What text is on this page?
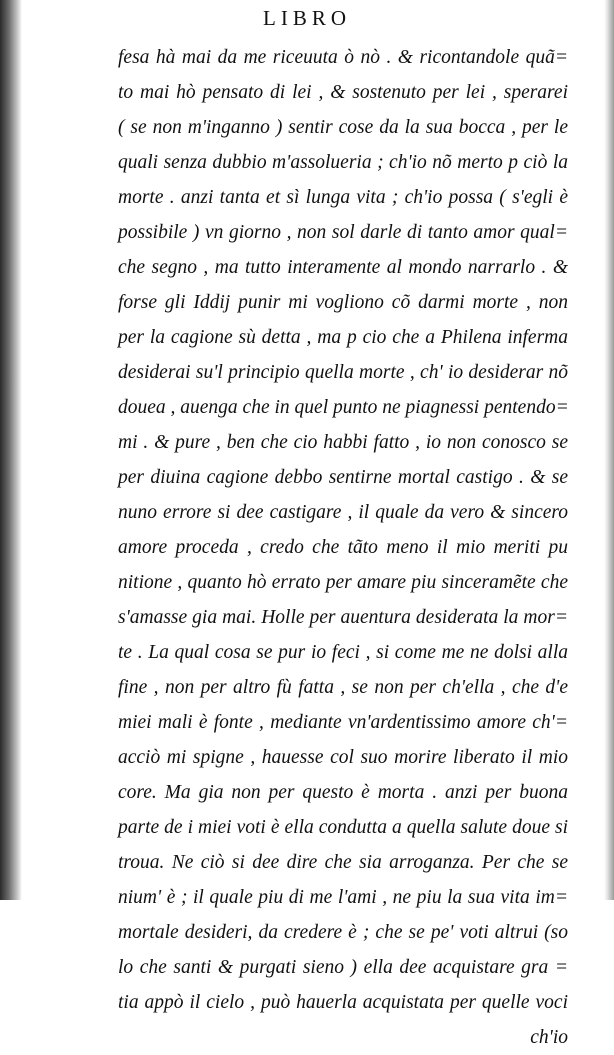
LIBRO
fesa hà mai da me riceuuta ò nò . & ricontandole quã=
to mai hò pensato di lei , & sostenuto per lei , sperarei
( se non m'inganno ) sentir cose da la sua bocca , per le
quali senza dubbio m'assolueria ; ch'io nõ merto p ciò la
morte . anzi tanta et sì lunga vita ; ch'io possa ( s'egli è
possibile ) vn giorno , non sol darle di tanto amor qual=
che segno , ma tutto interamente al mondo narrarlo . &
forse gli Iddij punir mi vogliono cõ darmi morte , non
per la cagione sù detta , ma p cio che a Philena inferma
desiderai su'l principio quella morte , ch' io desiderar nõ
doueа , auenga che in quel punto ne piagnessi pentendo=
mi . & pure , ben che cio habbi fatto , io non conosco se
per diuina cagione debbo sentirne mortal castigo . & se
nuno errore si dee castigare , il quale da vero & sincero
amore proceda , credo che tãto meno il mio meriti pu
nitione , quanto hò errato per amare piu sinceramẽte che
s'amasse gia mai. Holle per auentura desiderata la mor=
te . La qual cosa se pur io feci , si come me ne dolsi alla
fine , non per altro fù fatta , se non per ch'ella , che d'e
miei mali è fonte , mediante vn'ardentissimo amore ch'=
acciò mi spigne , hauesse col suo morire liberato il mio
core. Ma gia non per questo è morta . anzi per buona
parte de i miei voti è ella condutta a quella salute doue si
troua. Ne ciò si dee dire che sia arroganza. Per che se
nium' è ; il quale piu di me l'ami , ne piu la sua vita im=
mortale desideri, da credere è ; che se pe' voti altrui (so
lo che santi & purgati sieno ) ella dee acquistare gra =
tia appò il cielo , può hauerla acquistata per quelle voci
ch'io
